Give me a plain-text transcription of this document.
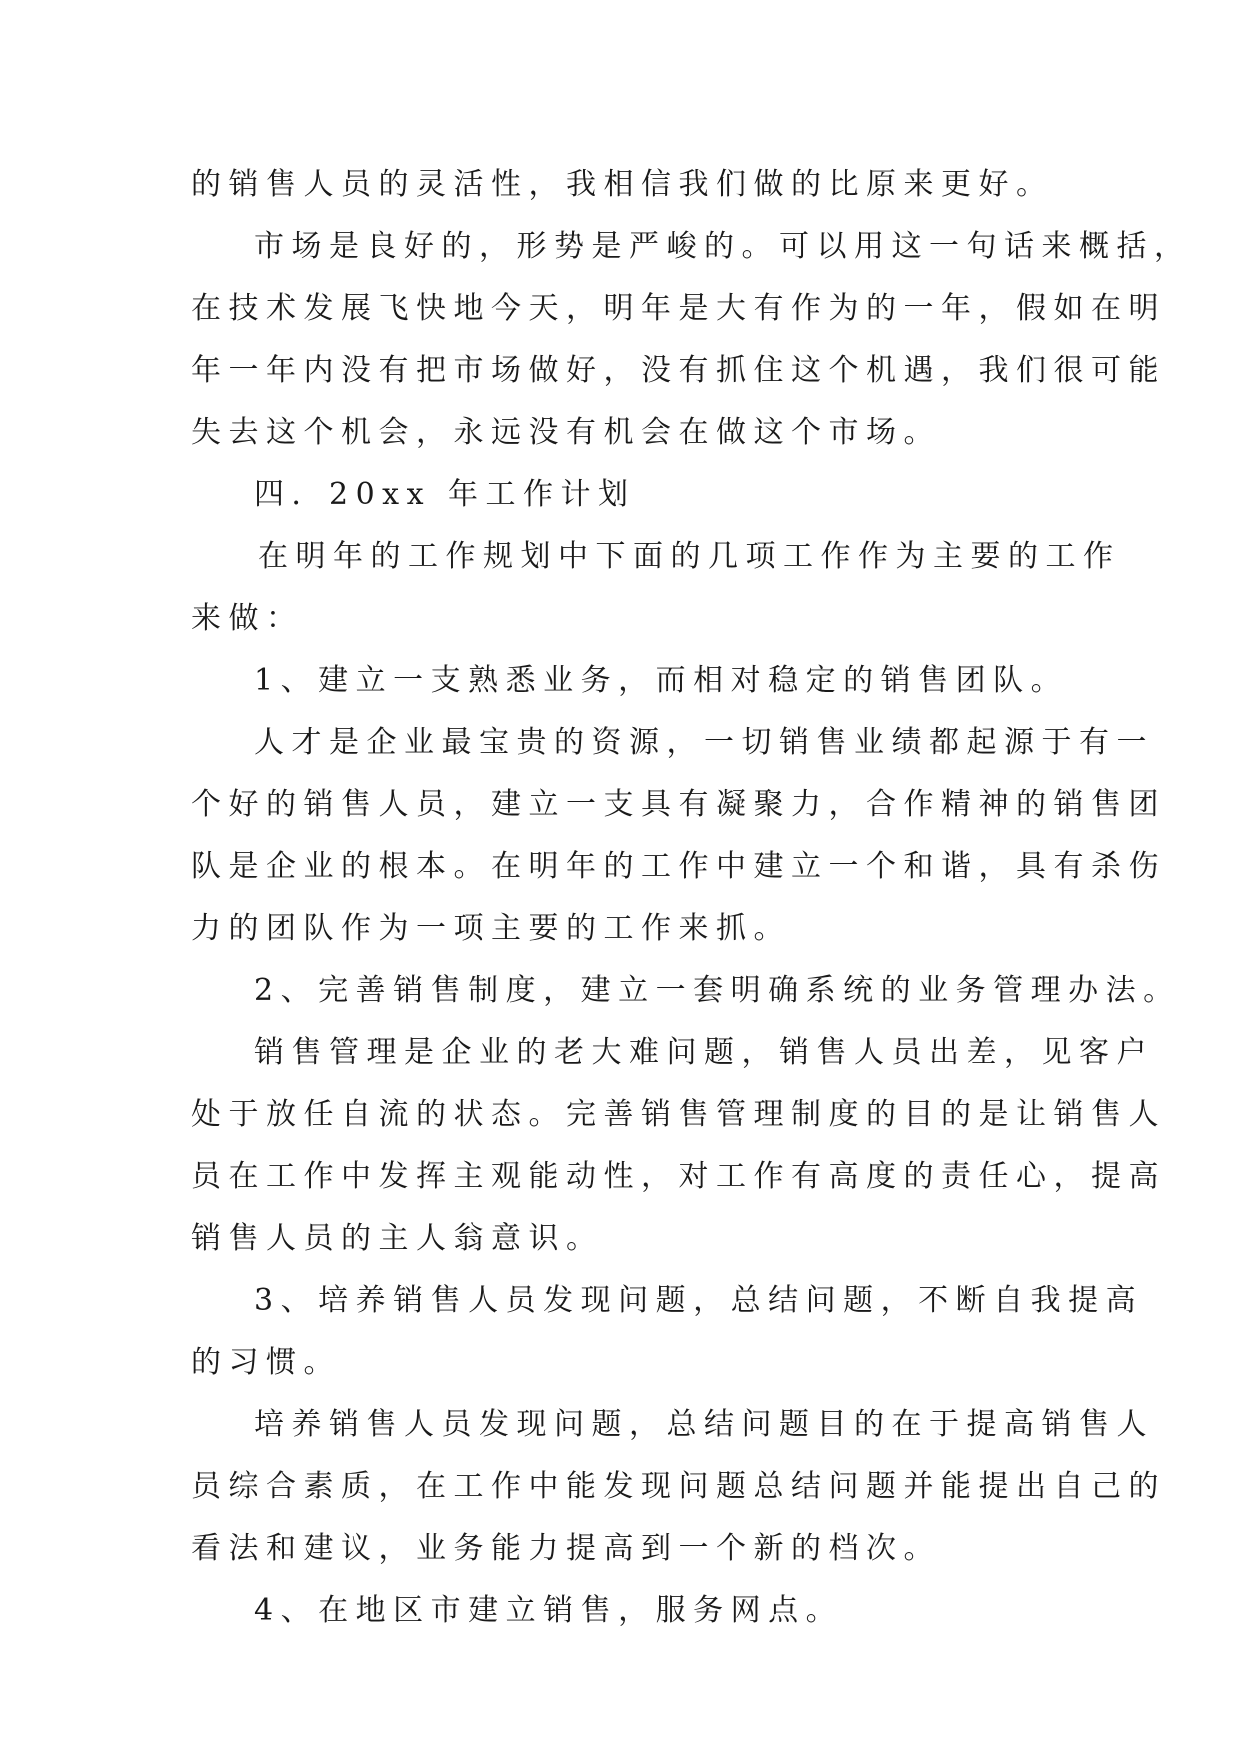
的销售人员的灵活性，我相信我们做的比原来更好。
市场是良好的，形势是严峻的。可以用这一句话来概括，
在技术发展飞快地今天，明年是大有作为的一年，假如在明
年一年内没有把市场做好，没有抓住这个机遇，我们很可能
失去这个机会，永远没有机会在做这个市场。
四．20xx 年工作计划
在明年的工作规划中下面的几项工作作为主要的工作
来做：
1、建立一支熟悉业务，而相对稳定的销售团队。
人才是企业最宝贵的资源，一切销售业绩都起源于有一
个好的销售人员，建立一支具有凝聚力，合作精神的销售团
队是企业的根本。在明年的工作中建立一个和谐，具有杀伤
力的团队作为一项主要的工作来抓。
2、完善销售制度，建立一套明确系统的业务管理办法。
销售管理是企业的老大难问题，销售人员出差，见客户
处于放任自流的状态。完善销售管理制度的目的是让销售人
员在工作中发挥主观能动性，对工作有高度的责任心，提高
销售人员的主人翁意识。
3、培养销售人员发现问题，总结问题，不断自我提高
的习惯。
培养销售人员发现问题，总结问题目的在于提高销售人
员综合素质，在工作中能发现问题总结问题并能提出自己的
看法和建议，业务能力提高到一个新的档次。
4、在地区市建立销售，服务网点。
